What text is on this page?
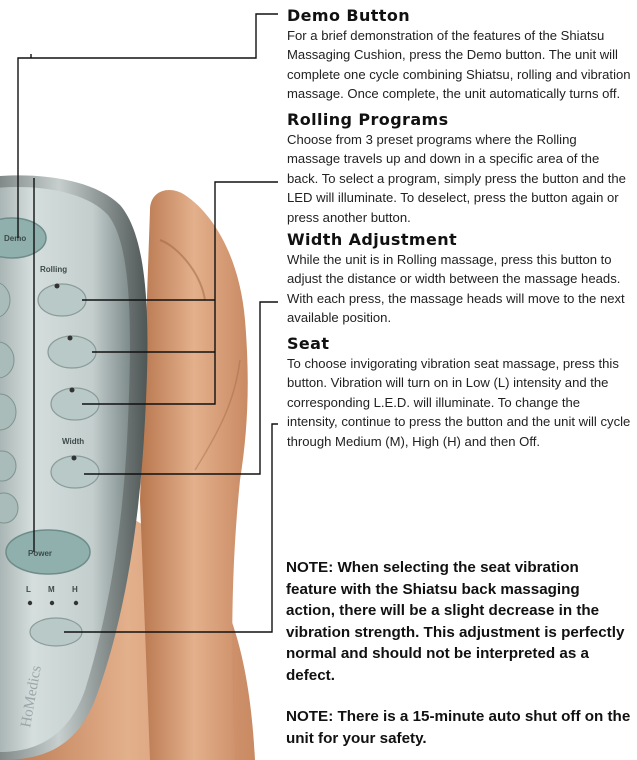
Demo
Rolling
Width
Power
L M H
HoMedics
Demo Button

For a brief demonstration of the features of the Shiatsu Massaging Cushion, press the Demo button. The unit will complete one cycle combining Shiatsu, rolling and vibration massage. Once complete, the unit automatically turns off.

Rolling Programs

Choose from 3 preset programs where the Rolling massage travels up and down in a specific area of the back. To select a program, simply press the button and the LED will illuminate. To deselect, press the button again or press another button.

Width Adjustment

While the unit is in Rolling massage, press this button to adjust the distance or width between the massage heads. With each press, the massage heads will move to the next available position.

Seat

To choose invigorating vibration seat massage, press this button. Vibration will turn on in Low (L) intensity and the corresponding L.E.D. will illuminate. To change the intensity, continue to press the button and the unit will cycle through Medium (M), High (H) and then Off.

NOTE: When selecting the seat vibration feature with the Shiatsu back massaging action, there will be a slight decrease in the vibration strength. This adjustment is perfectly normal and should not be interpreted as a defect.

NOTE: There is a 15-minute auto shut off on the unit for your safety.
